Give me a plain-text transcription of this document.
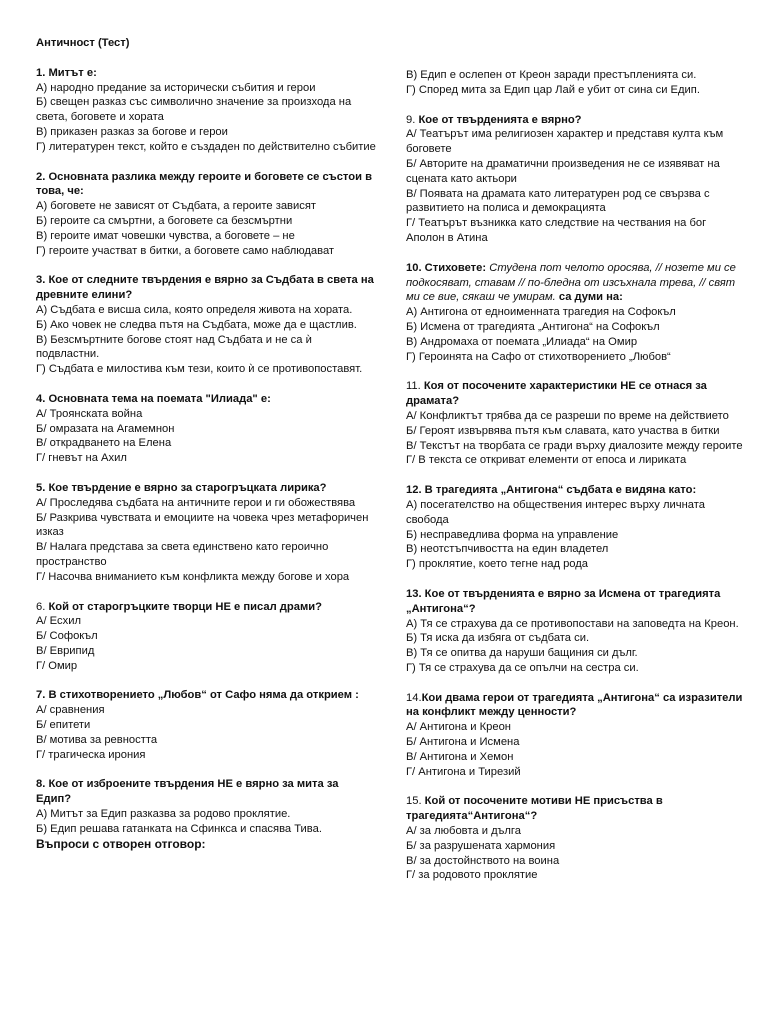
Античност (Тест)
1. Митът е:
А) народно предание за исторически събития и герои
Б) свещен разказ със символично значение за произхода на света, боговете и хората
В) приказен разказ за богове и герои
Г) литературен текст, който е създаден по действително събитие
2. Основната разлика между героите и боговете се състои в това, че:
А) боговете не зависят от Съдбата, а героите зависят
Б) героите са смъртни, а боговете са безсмъртни
В) героите имат човешки чувства, а боговете – не
Г) героите участват в битки, а боговете само наблюдават
3. Кое от следните твърдения е вярно за Съдбата в света на древните елини?
А) Съдбата е висша сила, която определя живота на хората.
Б) Ако човек не следва пътя на Съдбата, може да е щастлив.
В) Безсмъртните богове стоят над Съдбата и не са ѝ подвластни.
Г) Съдбата е милостива към тези, които ѝ се противопоставят.
4. Основната тема на поемата "Илиада" е:
А/ Троянската война
Б/ омразата на Агамемнон
В/ открадването на Елена
Г/ гневът на Ахил
5. Кое твърдение е вярно за старогръцката лирика?
А/ Проследява съдбата на античните герои и ги обожествява
Б/ Разкрива чувствата и емоциите на човека чрез метафоричен изказ
В/ Налага представа за света единствено като героично пространство
Г/ Насочва вниманието към конфликта между богове и хора
6. Кой от старогръцките творци НЕ е писал драми?
А/ Есхил
Б/ Софокъл
В/ Еврипид
Г/ Омир
7. В стихотворението „Любов“ от Сафо няма да открием :
А/ сравнения
Б/ епитети
В/ мотива за ревността
Г/ трагическа ирония
8. Кое от изброените твърдения НЕ е вярно за мита за Едип?
А) Митът за Едип разказва за родово проклятие.
Б) Едип решава гатанката на Сфинкса и спасява Тива.
Въпроси с отворен отговор:
В) Едип е ослепен от Креон заради престъпленията си.
Г) Според мита за Едип цар Лай е убит от сина си Едип.
9. Кое от твърденията е вярно?
А/ Театърът има религиозен характер и представя култа към боговете
Б/ Авторите на драматични произведения не се изявяват на сцената като актьори
В/ Появата на драмата като литературен род се свързва с развитието на полиса и демокрацията
Г/ Театърът възникка като следствие на чествания на бог Аполон в Атина
10. Стиховете: Студена пот челото оросява, // нозете ми се подкосяват, ставам // по-бледна от изсъхнала трева, // свят ми се вие, сякаш че умирам. са думи на:
А) Антигона от едноименната трагедия на Софокъл
Б) Исмена от трагедията „Антигона“ на Софокъл
В) Андромаха от поемата „Илиада“ на Омир
Г) Героинята на Сафо от стихотворението „Любов“
11. Коя от посочените характеристики НЕ се отнася за драмата?
А/ Конфликтът трябва да се разреши по време на действието
Б/ Героят извървява пътя към славата, като участва в битки
В/ Текстът на творбата се гради върху диалозите между героите
Г/ В текста се откриват елементи от епоса и лириката
12. В трагедията „Антигона“ съдбата е видяна като:
А) посегателство на обществения интерес върху личната свобода
Б) несправедлива форма на управление
В) неотстъпчивостта на един владетел
Г) проклятие, което тегне над рода
13. Кое от твърденията е вярно за Исмена от трагедията „Антигона“?
А) Тя се страхува да се противопостави на заповедта на Креон.
Б) Тя иска да избяга от съдбата си.
В) Тя се опитва да наруши бащиния си дълг.
Г) Тя се страхува да се опълчи на сестра си.
14.Кои двама герои от трагедията „Антигона“ са изразители на конфликт между ценности?
А/ Антигона и Креон
Б/ Антигона и Исмена
В/ Антигона и Хемон
Г/ Антигона и Тирезий
15. Кой от посочените мотиви НЕ присъства в трагедията“Антигона“?
А/ за любовта и дълга
Б/ за разрушената хармония
В/ за достойнството на воина
Г/ за родовото проклятие
